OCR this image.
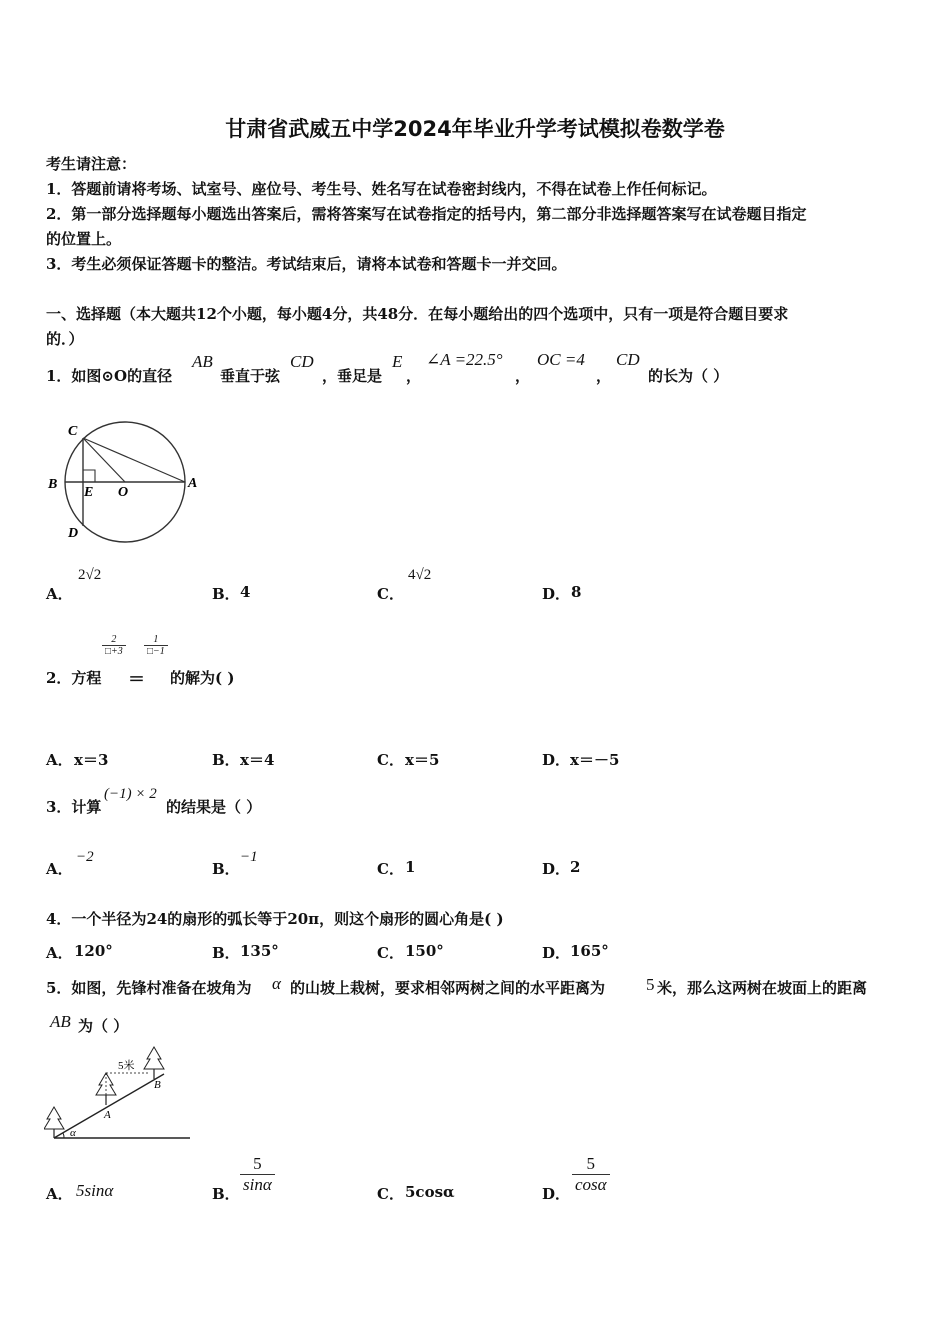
甘肃省武威五中学2024年毕业升学考试模拟卷数学卷
考生请注意：
1．答题前请将考场、试室号、座位号、考生号、姓名写在试卷密封线内，不得在试卷上作任何标记。
2．第一部分选择题每小题选出答案后，需将答案写在试卷指定的括号内，第二部分非选择题答案写在试卷题目指定
的位置上。
3．考生必须保证答题卡的整洁。考试结束后，请将本试卷和答题卡一并交回。
一、选择题（本大题共12个小题，每小题4分，共48分．在每小题给出的四个选项中，只有一项是符合题目要求
的．）
1．如图⊙O的直径
AB
垂直于弦
CD
，垂足是
E
，
∠A =22.5°
，
OC =4
，
CD
的长为（ ）
C
B
E O
A
D
A．
2√2
B． 4	C．
4√2
D． 8
2．方程
$\frac{2}{□+3}$
＝
$\frac{1}{□-1}$
的解为( )
A． x＝3	B． x＝4	C． x＝5	D． x＝－5
3．计算
(−1) × 2
的结果是（ ）
A．
−2
B．
−1
C． 1	D． 2
4．一个半径为24的扇形的弧长等于20π，则这个扇形的圆心角是( )
A． 120°	B． 135°	C． 150°	D． 165°
5．如图，先锋村准备在坡角为 α 的山坡上栽树，要求相邻两树之间的水平距离为 5 米，那么这两树在坡面上的距离
AB 为（ ）
5米
A
B
α
A． 5sinα	B． $\frac{5}{\sin\alpha}$	C． 5cosα	D． $\frac{5}{\cos\alpha}$
